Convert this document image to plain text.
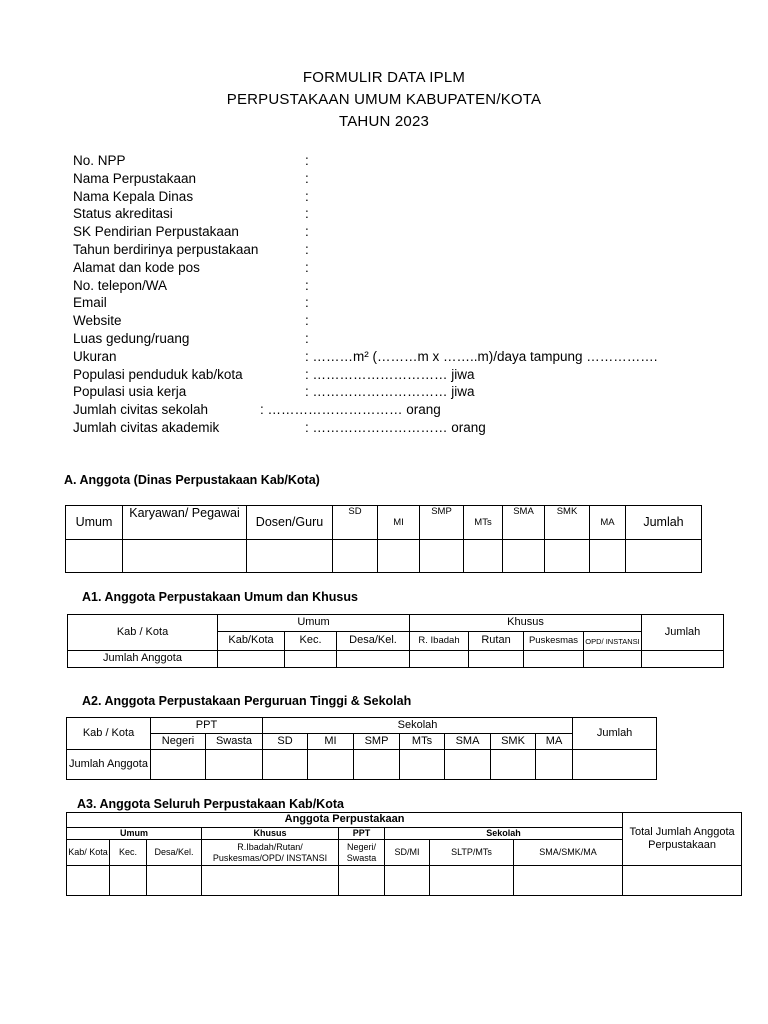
FORMULIR DATA IPLM
PERPUSTAKAAN UMUM KABUPATEN/KOTA
TAHUN 2023
No. NPP	:
Nama Perpustakaan	:
Nama Kepala Dinas	:
Status akreditasi	:
SK Pendirian Perpustakaan	:
Tahun berdirinya perpustakaan	:
Alamat dan kode pos	:
No. telepon/WA	:
Email	:
Website	:
Luas gedung/ruang	:
Ukuran	: ………m² (………m x ……..m)/daya tampung …………….
Populasi penduduk kab/kota	: ………………………… jiwa
Populasi usia kerja	: ………………………… jiwa
Jumlah civitas sekolah	: ………………………… orang
Jumlah civitas akademik	: ………………………… orang
A. Anggota (Dinas Perpustakaan Kab/Kota)
Umum	Karyawan/ Pegawai	Dosen/Guru	SD	MI	SMP	MTs	SMA	SMK	MA	Jumlah

A1. Anggota Perpustakaan Umum dan Khusus
Kab / Kota	Umum			Khusus				Jumlah
	Kab/Kota	Kec.	Desa/Kel.	R. Ibadah	Rutan	Puskesmas	OPD/ INSTANSI	
Jumlah Anggota								
A2. Anggota Perpustakaan Perguruan Tinggi & Sekolah
Kab / Kota	PPT		Sekolah							Jumlah
	Negeri	Swasta	SD	MI	SMP	MTs	SMA	SMK	MA	
Jumlah Anggota										
A3. Anggota Seluruh Perpustakaan Kab/Kota
Anggota Perpustakaan								Total Jumlah Anggota Perpustakaan
Umum			Khusus	PPT	Sekolah			
Kab/ Kota	Kec.	Desa/Kel.	R.Ibadah/Rutan/ Puskesmas/OPD/ INSTANSI	Negeri/ Swasta	SD/MI	SLTP/MTs	SMA/SMK/MA	
